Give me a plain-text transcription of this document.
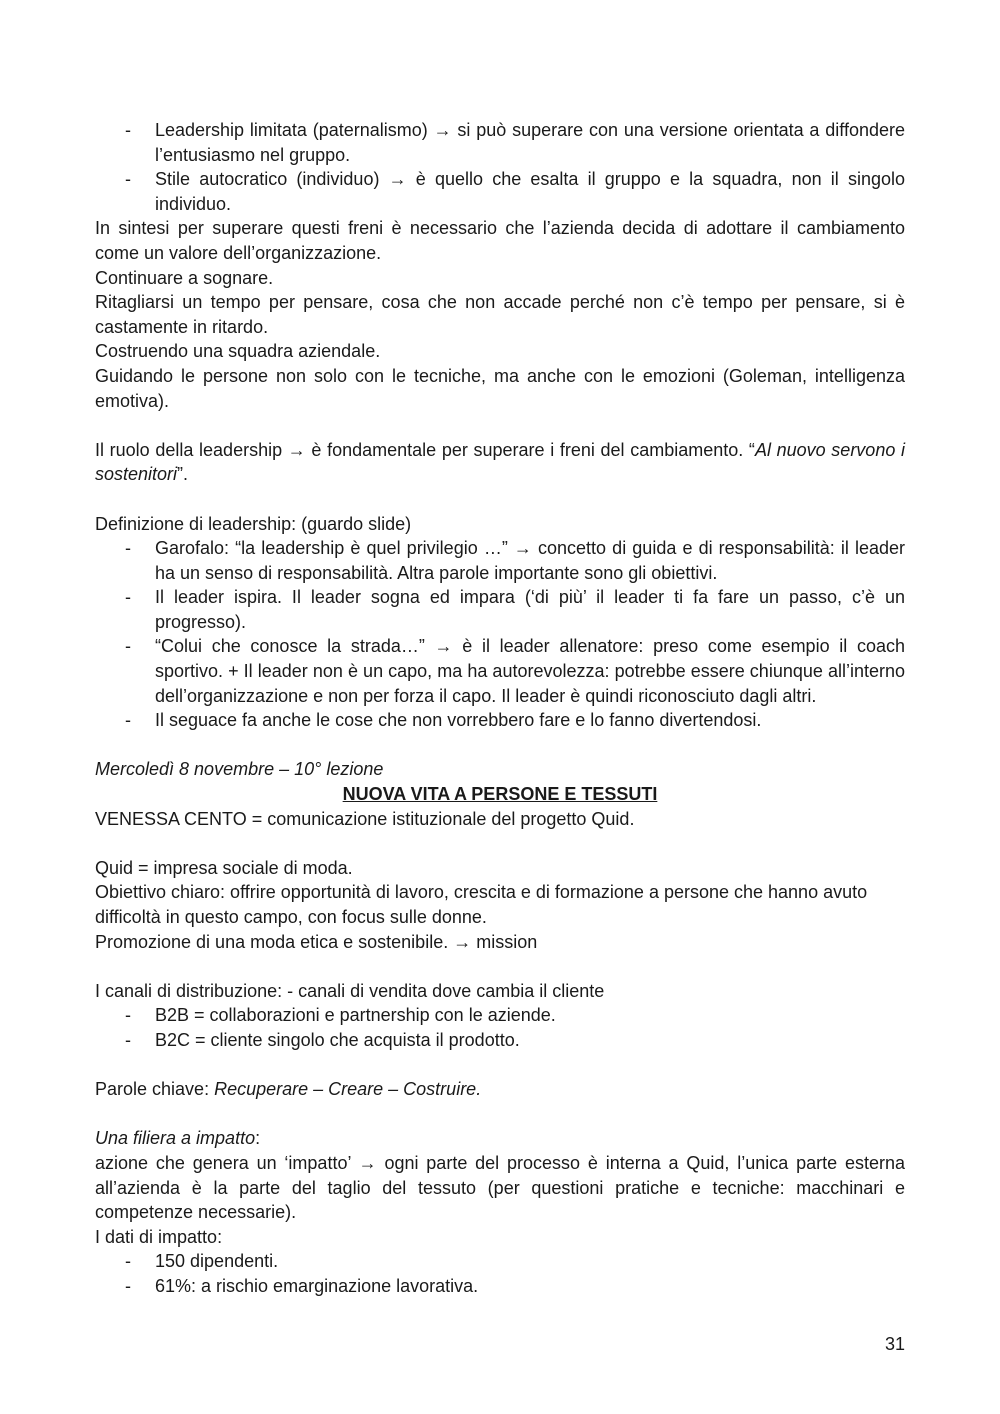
- Leadership limitata (paternalismo) → si può superare con una versione orientata a diffondere l’entusiasmo nel gruppo.

- Stile autocratico (individuo) → è quello che esalta il gruppo e la squadra, non il singolo individuo.

In sintesi per superare questi freni è necessario che l’azienda decida di adottare il cambiamento come un valore dell’organizzazione.

Continuare a sognare.

Ritagliarsi un tempo per pensare, cosa che non accade perché non c’è tempo per pensare, si è castamente in ritardo.

Costruendo una squadra aziendale.

Guidando le persone non solo con le tecniche, ma anche con le emozioni (Goleman, intelligenza emotiva).

Il ruolo della leadership → è fondamentale per superare i freni del cambiamento. “Al nuovo servono i sostenitori”.

Definizione di leadership: (guardo slide)

- Garofalo: “la leadership è quel privilegio …” → concetto di guida e di responsabilità: il leader ha un senso di responsabilità. Altra parole importante sono gli obiettivi.

- Il leader ispira. Il leader sogna ed impara (‘di più’ il leader ti fa fare un passo, c’è un progresso).

- “Colui che conosce la strada…” → è il leader allenatore: preso come esempio il coach sportivo. + Il leader non è un capo, ma ha autorevolezza: potrebbe essere chiunque all’interno dell’organizzazione e non per forza il capo. Il leader è quindi riconosciuto dagli altri.

- Il seguace fa anche le cose che non vorrebbero fare e lo fanno divertendosi.

Mercoledì 8 novembre – 10° lezione

NUOVA VITA A PERSONE E TESSUTI

VENESSA CENTO = comunicazione istituzionale del progetto Quid.

Quid = impresa sociale di moda.

Obiettivo chiaro: offrire opportunità di lavoro, crescita e di formazione a persone che hanno avuto difficoltà in questo campo, con focus sulle donne.

Promozione di una moda etica e sostenibile. → mission

I canali di distribuzione: - canali di vendita dove cambia il cliente

- B2B = collaborazioni e partnership con le aziende.

- B2C = cliente singolo che acquista il prodotto.

Parole chiave: Recuperare – Creare – Costruire.

Una filiera a impatto:

azione che genera un ‘impatto’ → ogni parte del processo è interna a Quid, l’unica parte esterna all’azienda è la parte del taglio del tessuto (per questioni pratiche e tecniche: macchinari e competenze necessarie).

I dati di impatto:

- 150 dipendenti.

- 61%: a rischio emarginazione lavorativa.

31
